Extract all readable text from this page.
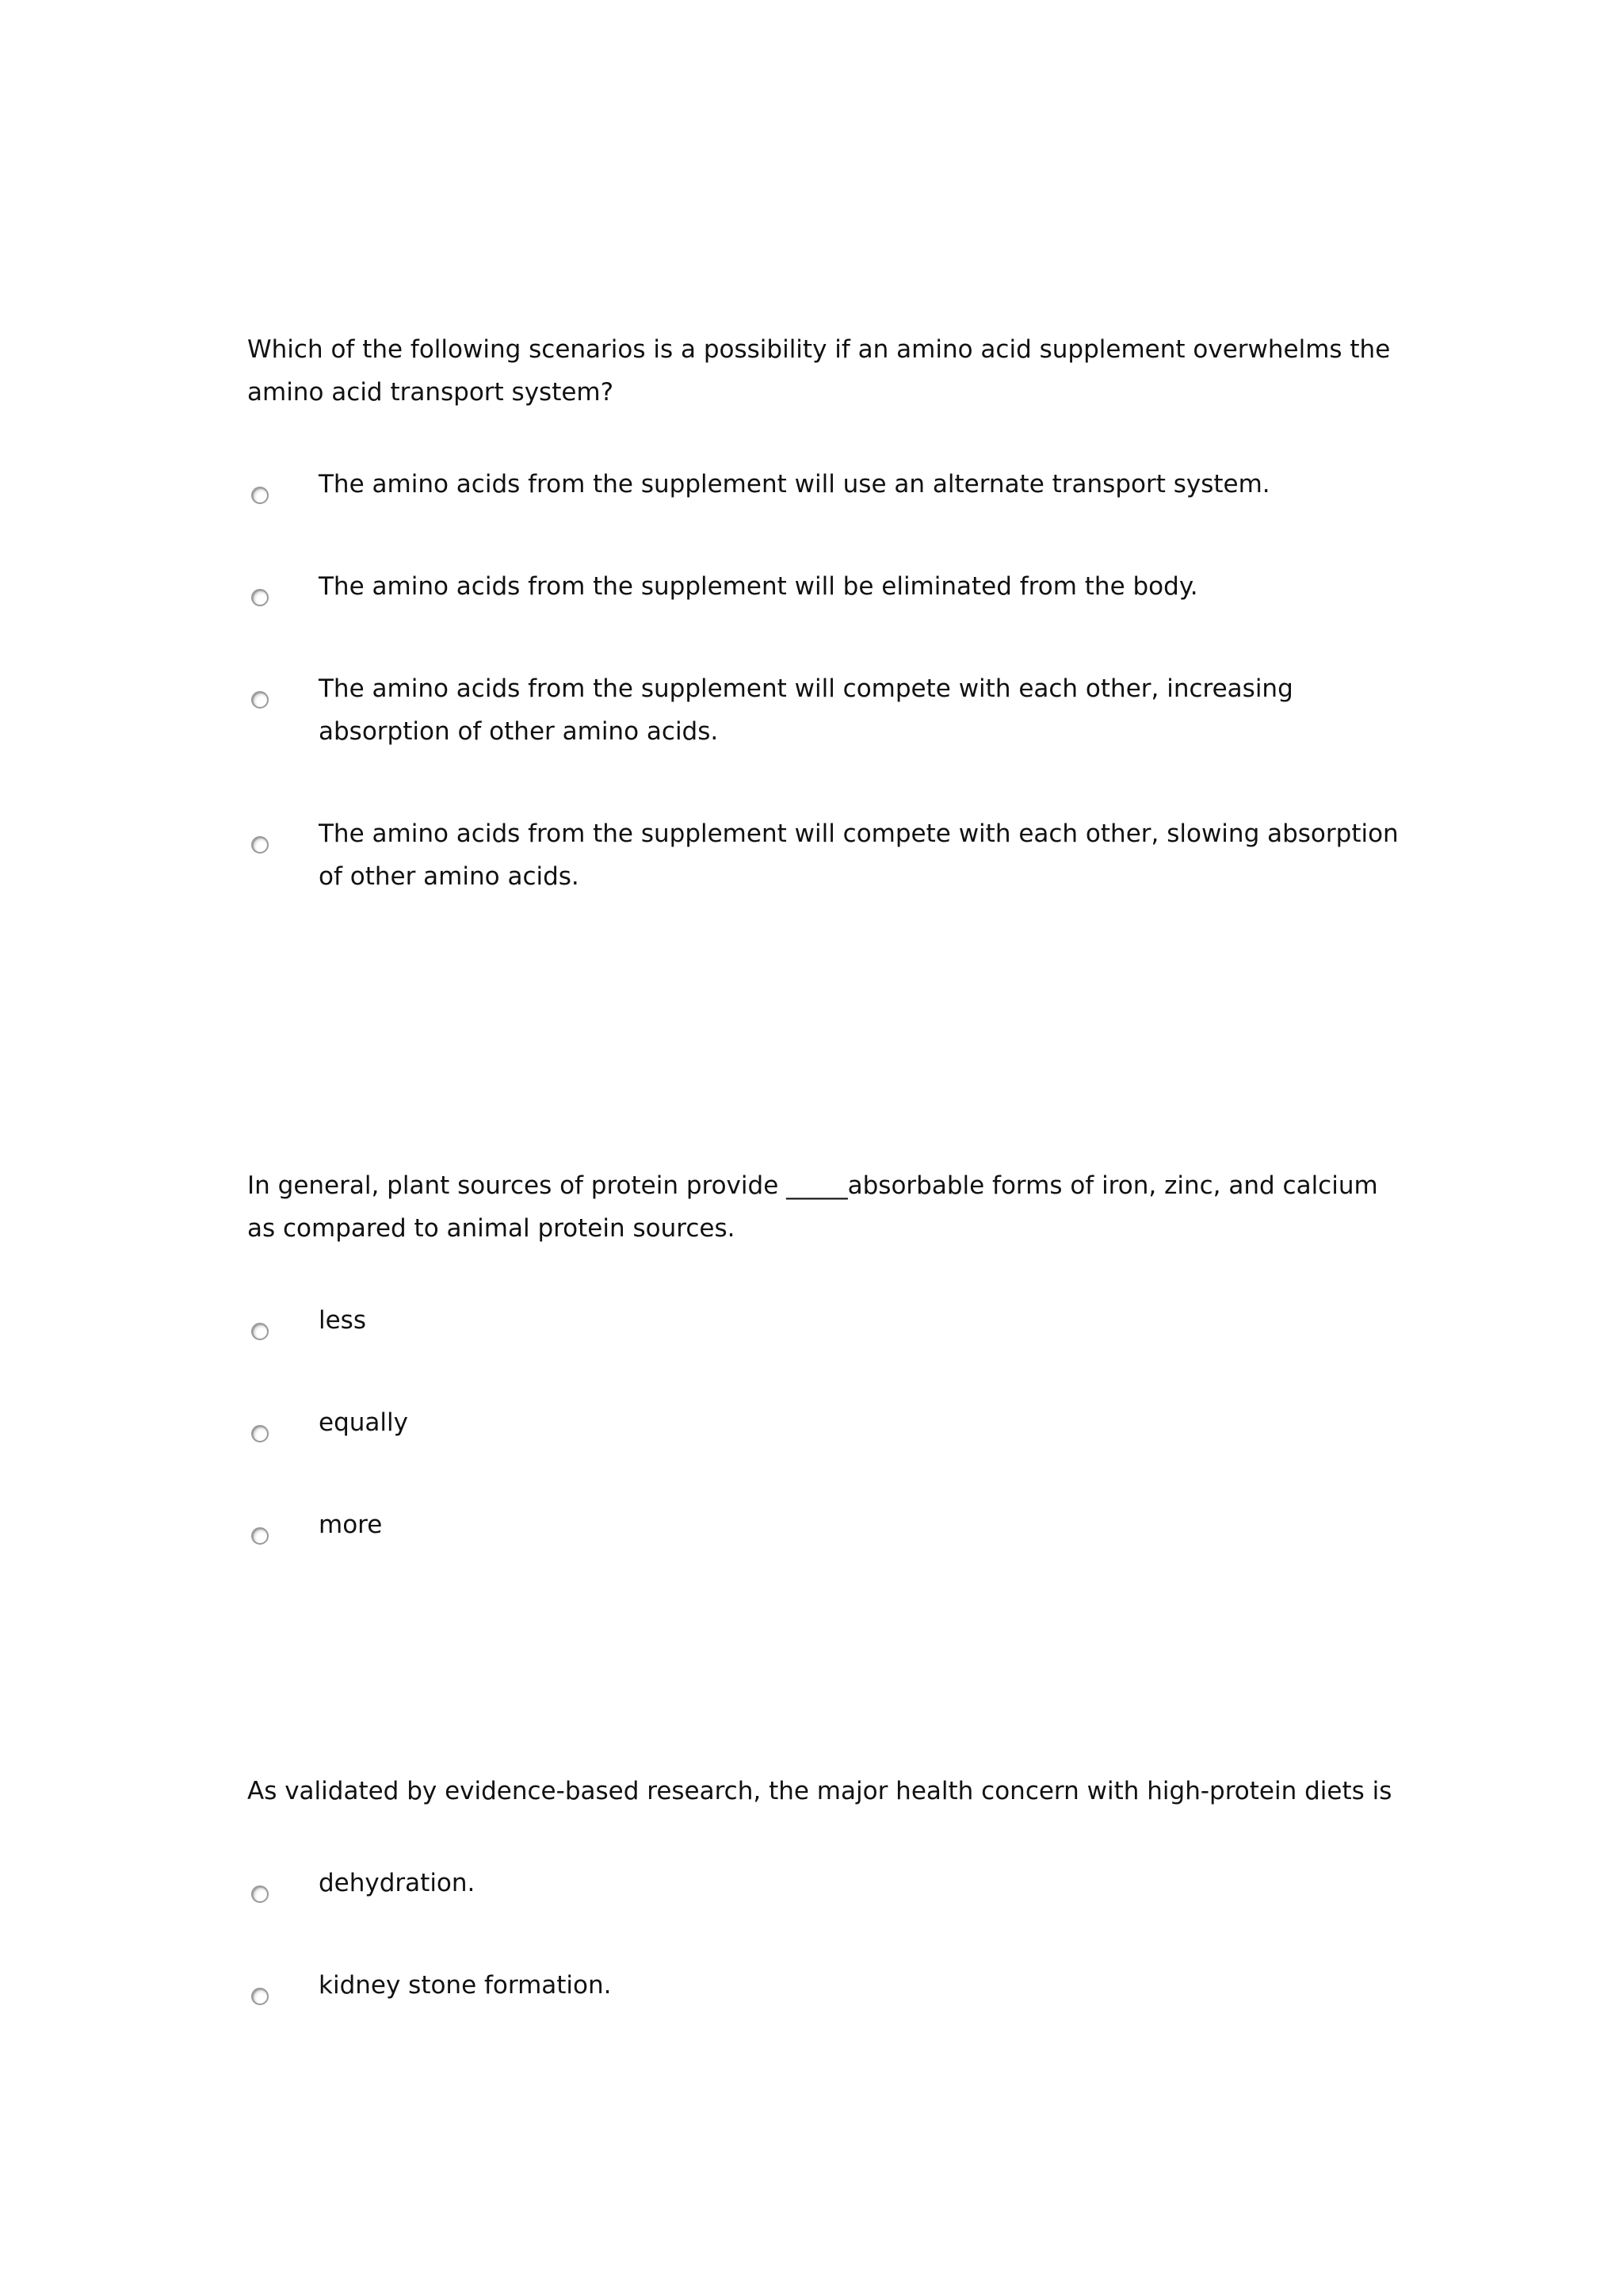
Which of the following scenarios is a possibility if an amino acid supplement overwhelms the amino acid transport system?

The amino acids from the supplement will use an alternate transport system.

The amino acids from the supplement will be eliminated from the body.

The amino acids from the supplement will compete with each other, increasing absorption of other amino acids.

The amino acids from the supplement will compete with each other, slowing absorption of other amino acids.

In general, plant sources of protein provide _____absorbable forms of iron, zinc, and calcium as compared to animal protein sources.

less

equally

more

As validated by evidence-based research, the major health concern with high-protein diets is

dehydration.

kidney stone formation.
